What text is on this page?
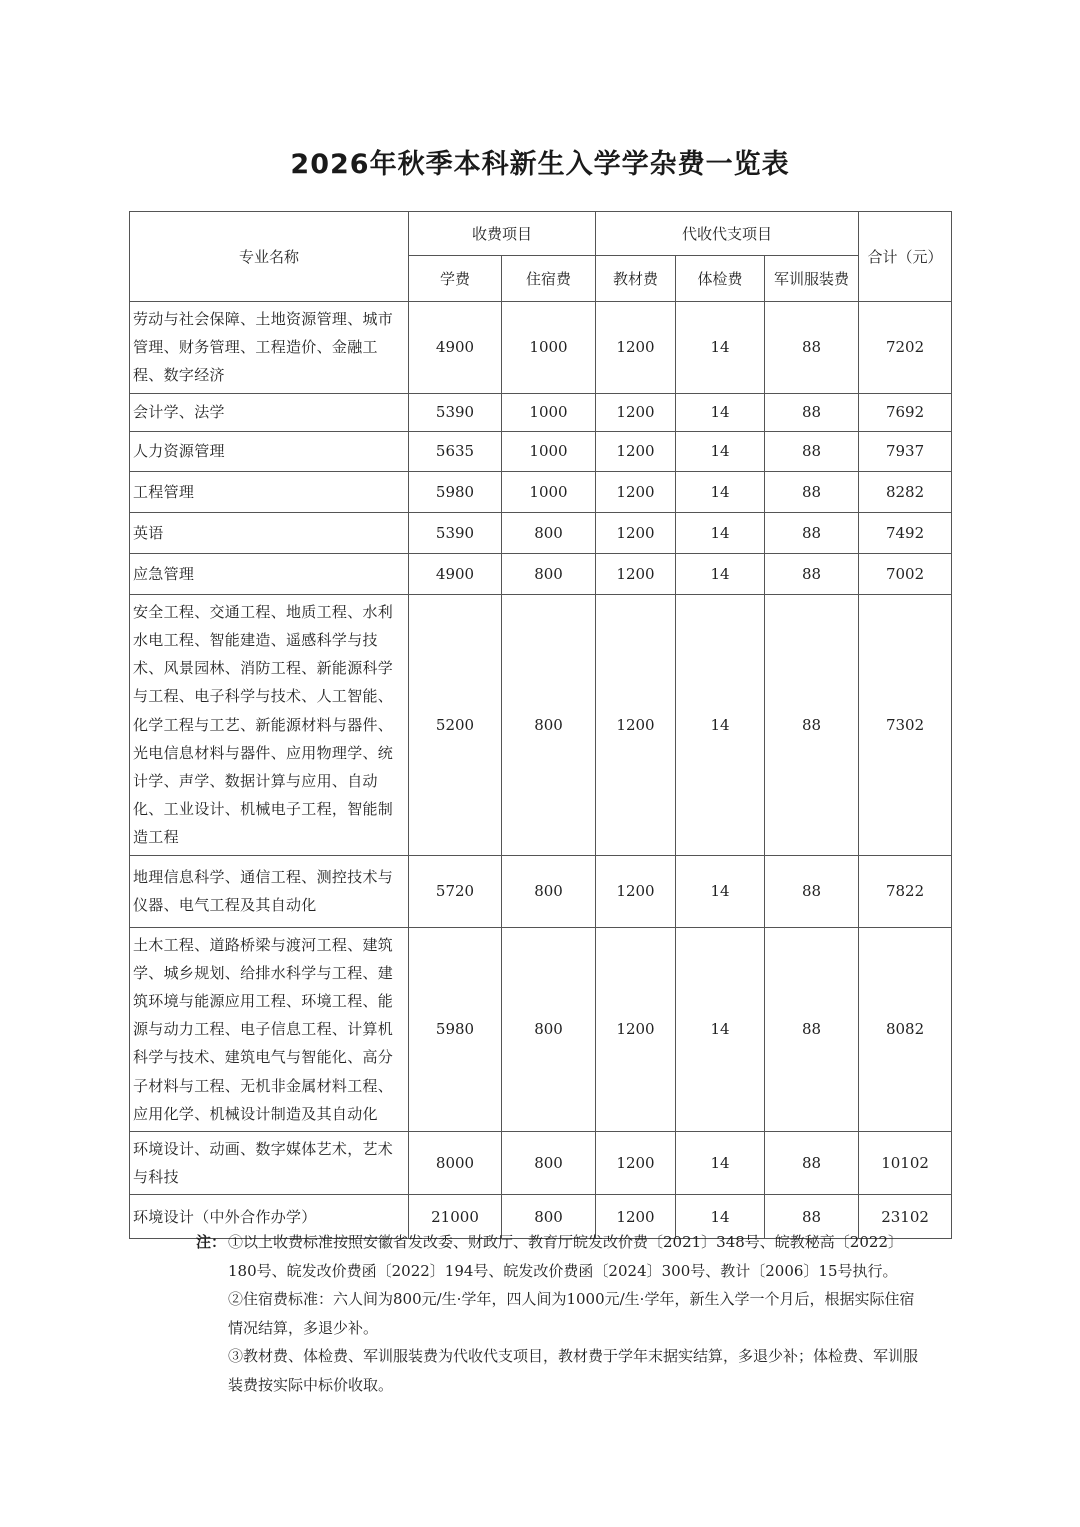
2026年秋季本科新生入学学杂费一览表
专业名称	收费项目		代收代支项目			合计（元）
	学费	住宿费	教材费	体检费	军训服装费	
劳动与社会保障、土地资源管理、城市管理、财务管理、工程造价、金融工程、数字经济	4900	1000	1200	14	88	7202
会计学、法学	5390	1000	1200	14	88	7692
人力资源管理	5635	1000	1200	14	88	7937
工程管理	5980	1000	1200	14	88	8282
英语	5390	800	1200	14	88	7492
应急管理	4900	800	1200	14	88	7002
安全工程、交通工程、地质工程、水利水电工程、智能建造、遥感科学与技术、风景园林、消防工程、新能源科学与工程、电子科学与技术、人工智能、化学工程与工艺、新能源材料与器件、光电信息材料与器件、应用物理学、统计学、声学、数据计算与应用、自动化、工业设计、机械电子工程，智能制造工程	5200	800	1200	14	88	7302
地理信息科学、通信工程、测控技术与仪器、电气工程及其自动化	5720	800	1200	14	88	7822
土木工程、道路桥梁与渡河工程、建筑学、城乡规划、给排水科学与工程、建筑环境与能源应用工程、环境工程、能源与动力工程、电子信息工程、计算机科学与技术、建筑电气与智能化、高分子材料与工程、无机非金属材料工程、应用化学、机械设计制造及其自动化	5980	800	1200	14	88	8082
环境设计、动画、数字媒体艺术，艺术与科技	8000	800	1200	14	88	10102
环境设计（中外合作办学）	21000	800	1200	14	88	23102
注： ①以上收费标准按照安徽省发改委、财政厅、教育厅皖发改价费〔2021〕348号、皖教秘高〔2022〕180号、皖发改价费函〔2022〕194号、皖发改价费函〔2024〕300号、教计〔2006〕15号执行。
②住宿费标准：六人间为800元/生·学年，四人间为1000元/生·学年，新生入学一个月后，根据实际住宿情况结算，多退少补。
③教材费、体检费、军训服装费为代收代支项目，教材费于学年末据实结算，多退少补；体检费、军训服装费按实际中标价收取。
